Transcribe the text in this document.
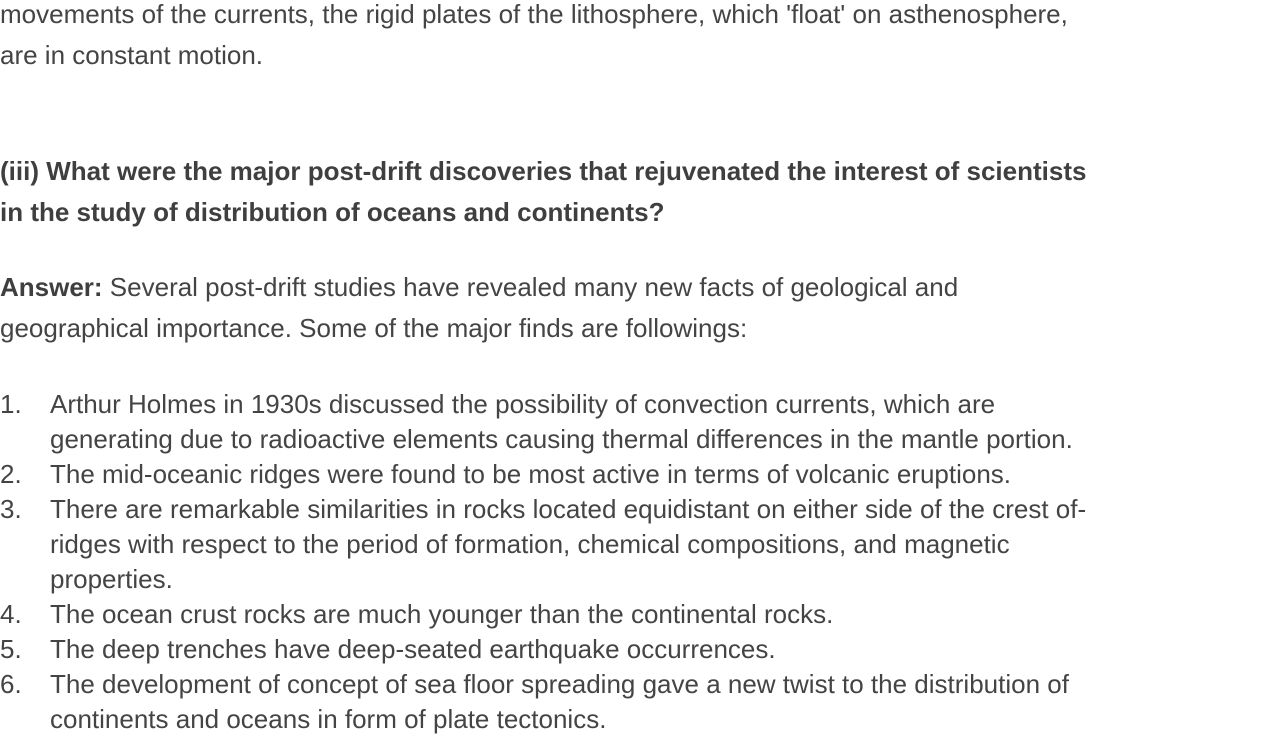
movements of the currents, the rigid plates of the lithosphere, which 'float' on asthenosphere,
are in constant motion.
(iii) What were the major post-drift discoveries that rejuvenated the interest of scientists
in the study of distribution of oceans and continents?
Answer: Several post-drift studies have revealed many new facts of geological and
geographical importance. Some of the major finds are followings:
1.	Arthur Holmes in 1930s discussed the possibility of convection currents, which are
generating due to radioactive elements causing thermal differences in the mantle portion.
2.	The mid-oceanic ridges were found to be most active in terms of volcanic eruptions.
3.	There are remarkable similarities in rocks located equidistant on either side of the crest of-
ridges with respect to the period of formation, chemical compositions, and magnetic
properties.
4.	The ocean crust rocks are much younger than the continental rocks.
5.	The deep trenches have deep-seated earthquake occurrences.
6.	The development of concept of sea floor spreading gave a new twist to the distribution of
continents and oceans in form of plate tectonics.
